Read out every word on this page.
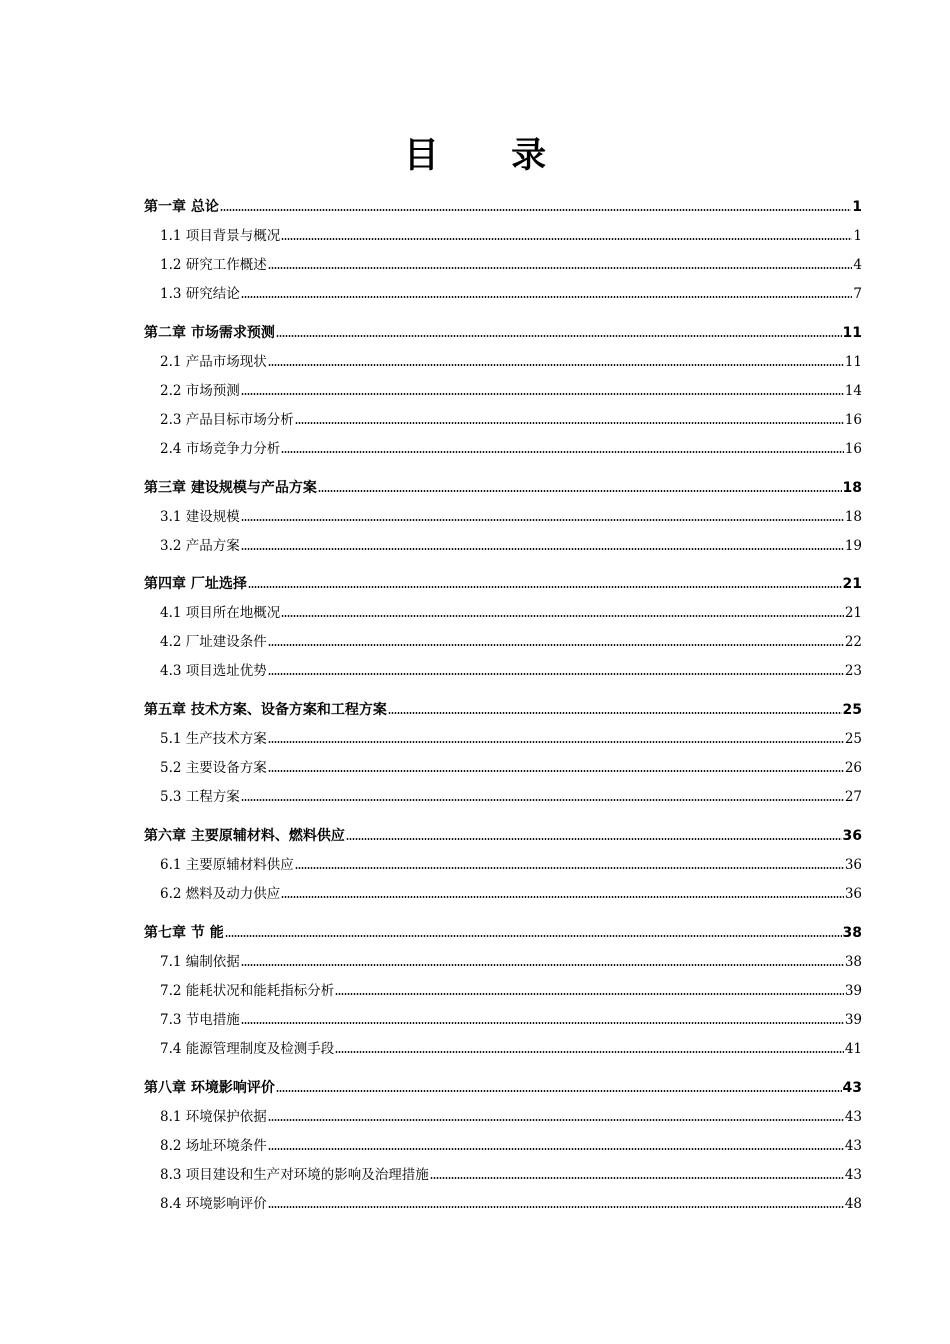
目 录
第一章 总论	1
1.1 项目背景与概况	1
1.2 研究工作概述	4
1.3 研究结论	7
第二章 市场需求预测	11
2.1 产品市场现状	11
2.2 市场预测	14
2.3 产品目标市场分析	16
2.4 市场竞争力分析	16
第三章 建设规模与产品方案	18
3.1 建设规模	18
3.2 产品方案	19
第四章 厂址选择	21
4.1 项目所在地概况	21
4.2 厂址建设条件	22
4.3 项目选址优势	23
第五章 技术方案、设备方案和工程方案	25
5.1 生产技术方案	25
5.2 主要设备方案	26
5.3 工程方案	27
第六章 主要原辅材料、燃料供应	36
6.1 主要原辅材料供应	36
6.2 燃料及动力供应	36
第七章 节 能	38
7.1 编制依据	38
7.2 能耗状况和能耗指标分析	39
7.3 节电措施	39
7.4 能源管理制度及检测手段	41
第八章 环境影响评价	43
8.1 环境保护依据	43
8.2 场址环境条件	43
8.3 项目建设和生产对环境的影响及治理措施	43
8.4 环境影响评价	48
